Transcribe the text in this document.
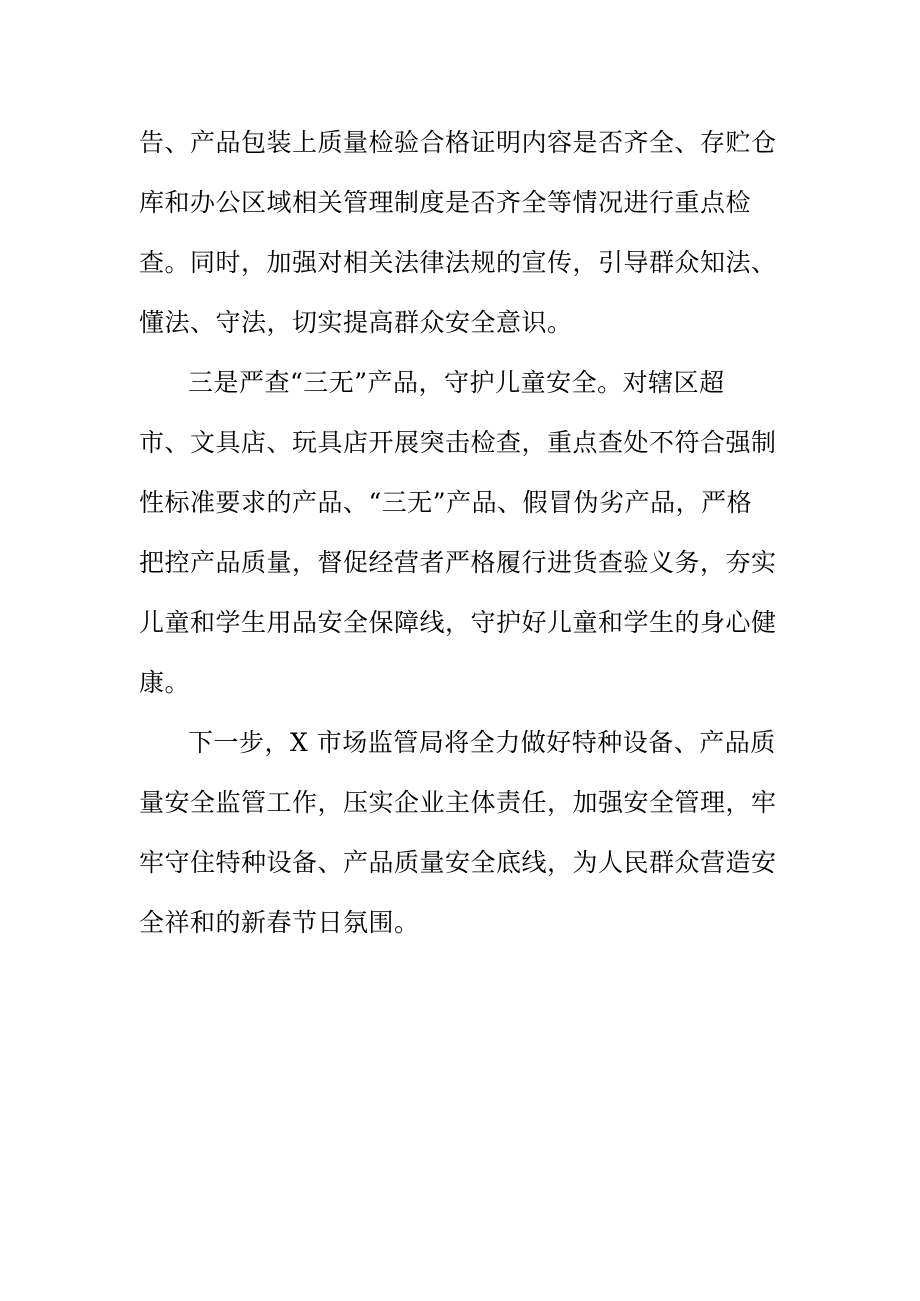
告、产品包装上质量检验合格证明内容是否齐全、存贮仓
库和办公区域相关管理制度是否齐全等情况进行重点检
查。同时，加强对相关法律法规的宣传，引导群众知法、
懂法、守法，切实提高群众安全意识。
三是严查“三无”产品，守护儿童安全。对辖区超
市、文具店、玩具店开展突击检查，重点查处不符合强制
性标准要求的产品、“三无”产品、假冒伪劣产品，严格
把控产品质量，督促经营者严格履行进货查验义务，夯实
儿童和学生用品安全保障线，守护好儿童和学生的身心健
康。
下一步，X 市场监管局将全力做好特种设备、产品质
量安全监管工作，压实企业主体责任，加强安全管理，牢
牢守住特种设备、产品质量安全底线，为人民群众营造安
全祥和的新春节日氛围。
